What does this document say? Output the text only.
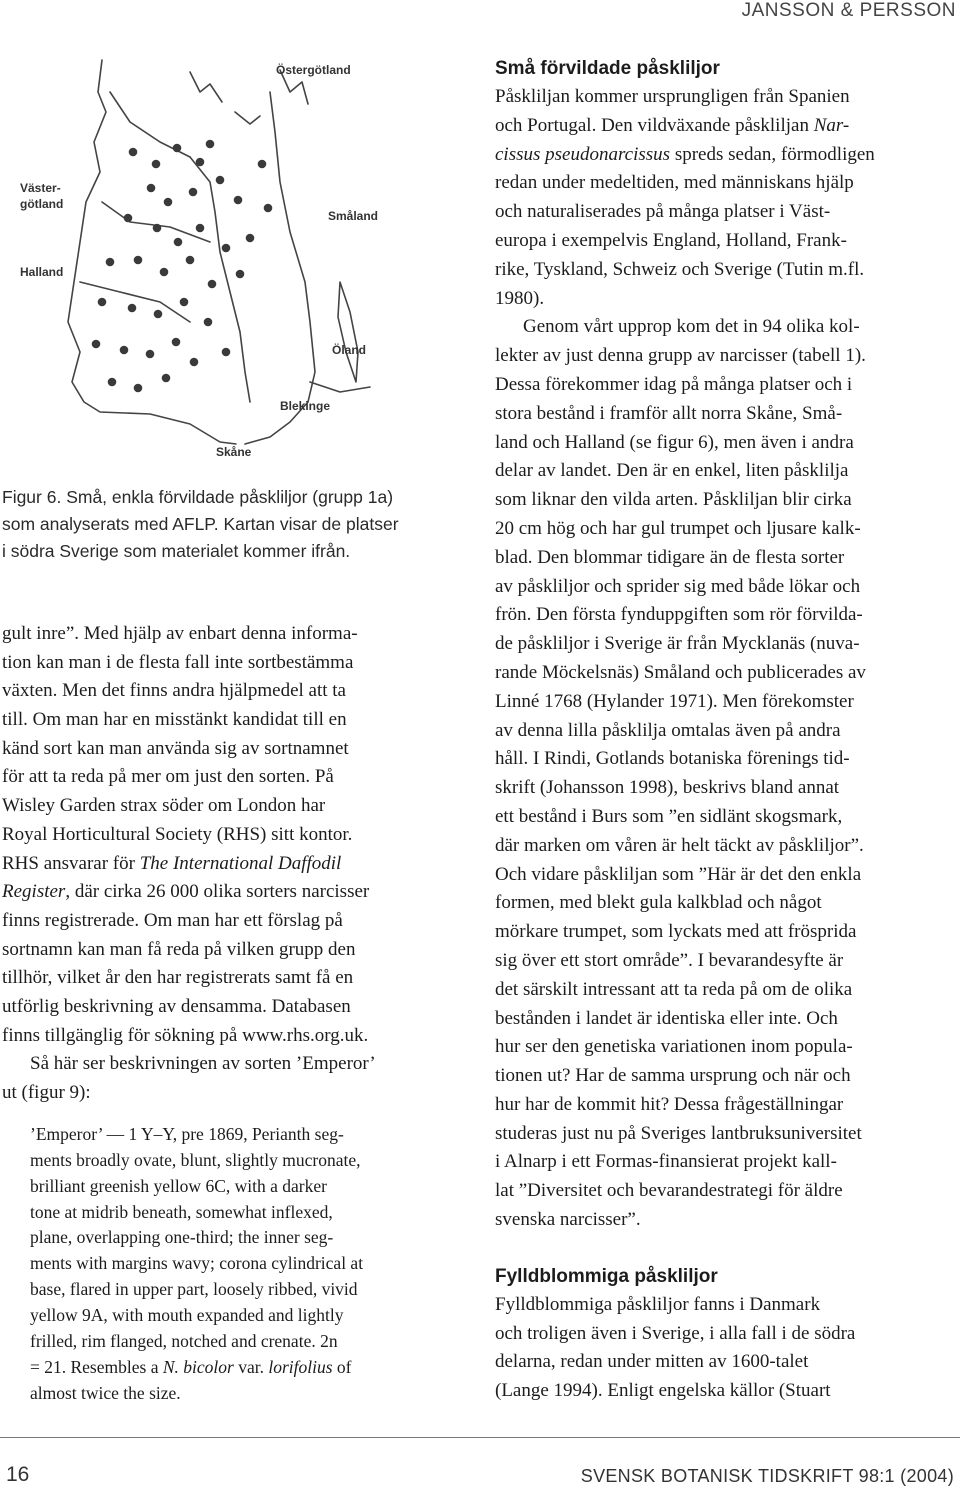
JANSSON & PERSSON
Östergötland
Väster-
götland
Småland
Halland
Öland
Blekinge
Skåne
Figur 6. Små, enkla förvildade påskliljor (grupp 1a)
som analyserats med AFLP. Kartan visar de platser
i södra Sverige som materialet kommer ifrån.
gult inre”. Med hjälp av enbart denna informa-
tion kan man i de flesta fall inte sortbestämma
växten. Men det finns andra hjälpmedel att ta
till. Om man har en misstänkt kandidat till en
känd sort kan man använda sig av sortnamnet
för att ta reda på mer om just den sorten. På
Wisley Garden strax söder om London har
Royal Horticultural Society (RHS) sitt kontor.
RHS ansvarar för The International Daffodil
Register, där cirka 26 000 olika sorters narcisser
finns registrerade. Om man har ett förslag på
sortnamn kan man få reda på vilken grupp den
tillhör, vilket år den har registrerats samt få en
utförlig beskrivning av densamma. Databasen
finns tillgänglig för sökning på www.rhs.org.uk.
Så här ser beskrivningen av sorten ’Emperor’
ut (figur 9):
’Emperor’ — 1 Y–Y, pre 1869, Perianth seg-
ments broadly ovate, blunt, slightly mucronate,
brilliant greenish yellow 6C, with a darker
tone at midrib beneath, somewhat inflexed,
plane, overlapping one-third; the inner seg-
ments with margins wavy; corona cylindrical at
base, flared in upper part, loosely ribbed, vivid
yellow 9A, with mouth expanded and lightly
frilled, rim flanged, notched and crenate. 2n
= 21. Resembles a N. bicolor var. lorifolius of
almost twice the size.
Små förvildade påskliljor
Påskliljan kommer ursprungligen från Spanien
och Portugal. Den vildväxande påskliljan Nar-
cissus pseudonarcissus spreds sedan, förmodligen
redan under medeltiden, med människans hjälp
och naturaliserades på många platser i Väst-
europa i exempelvis England, Holland, Frank-
rike, Tyskland, Schweiz och Sverige (Tutin m.fl.
1980).
Genom vårt upprop kom det in 94 olika kol-
lekter av just denna grupp av narcisser (tabell 1).
Dessa förekommer idag på många platser och i
stora bestånd i framför allt norra Skåne, Små-
land och Halland (se figur 6), men även i andra
delar av landet. Den är en enkel, liten påsklilja
som liknar den vilda arten. Påskliljan blir cirka
20 cm hög och har gul trumpet och ljusare kalk-
blad. Den blommar tidigare än de flesta sorter
av påskliljor och sprider sig med både lökar och
frön. Den första fynduppgiften som rör förvilda-
de påskliljor i Sverige är från Mycklanäs (nuva-
rande Möckelsnäs) Småland och publicerades av
Linné 1768 (Hylander 1971). Men förekomster
av denna lilla påsklilja omtalas även på andra
håll. I Rindi, Gotlands botaniska förenings tid-
skrift (Johansson 1998), beskrivs bland annat
ett bestånd i Burs som ”en sidlänt skogsmark,
där marken om våren är helt täckt av påskliljor”.
Och vidare påskliljan som ”Här är det den enkla
formen, med blekt gula kalkblad och något
mörkare trumpet, som lyckats med att frösprida
sig över ett stort område”. I bevarandesyfte är
det särskilt intressant att ta reda på om de olika
bestånden i landet är identiska eller inte. Och
hur ser den genetiska variationen inom popula-
tionen ut? Har de samma ursprung och när och
hur har de kommit hit? Dessa frågeställningar
studeras just nu på Sveriges lantbruksuniversitet
i Alnarp i ett Formas-finansierat projekt kall-
lat ”Diversitet och bevarandestrategi för äldre
svenska narcisser”.
Fylldblommiga påskliljor
Fylldblommiga påskliljor fanns i Danmark
och troligen även i Sverige, i alla fall i de södra
delarna, redan under mitten av 1600-talet
(Lange 1994). Enligt engelska källor (Stuart
16	SVENSK BOTANISK TIDSKRIFT 98:1 (2004)
